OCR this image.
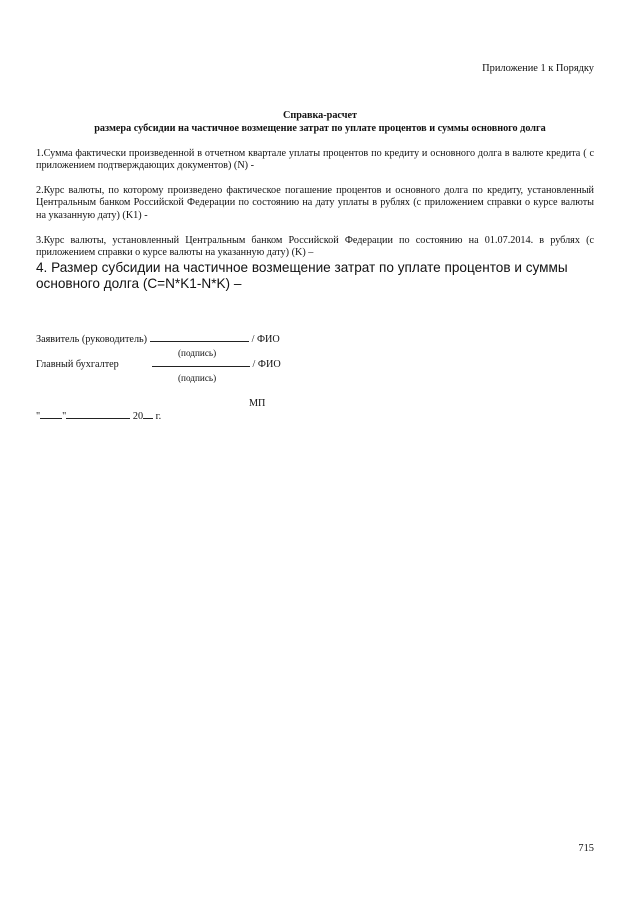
Приложение 1 к Порядку
Справка-расчет
размера субсидии на частичное возмещение затрат по уплате процентов и суммы основного долга
1.Сумма фактически произведенной в отчетном квартале уплаты процентов по кредиту и основного долга в валюте кредита ( с приложением подтверждающих документов) (N) -
2.Курс валюты, по которому произведено фактическое погашение процентов и основного долга по кредиту, установленный Центральным банком Российской Федерации по состоянию на дату уплаты в рублях (с приложением справки о курсе валюты на указанную дату) (K1) -
3.Курс валюты, установленный Центральным банком Российской Федерации по состоянию на 01.07.2014. в рублях (с приложением справки о курсе валюты на указанную дату) (K) –
4. Размер субсидии на частичное возмещение затрат по уплате процентов и суммы основного долга (C=N*K1-N*K) –
Заявитель (руководитель)	/ ФИО
(подпись)
Главный бухгалтер	/ ФИО
(подпись)
МП
" "	20 г.
715
